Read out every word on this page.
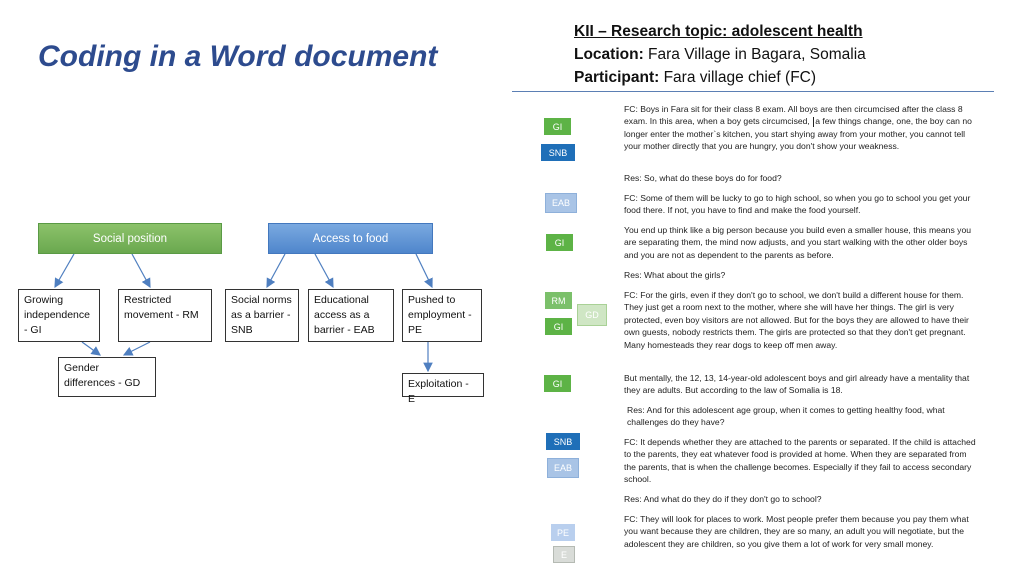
Coding in a Word document
KII – Research topic: adolescent health
Location: Fara Village in Bagara, Somalia
Participant: Fara village chief (FC)
Social position	Access to food
Growing
independence
- GI
Restricted
movement - RM
Social norms
as a barrier -
SNB
Educational
access as a
barrier - EAB
Pushed to
employment -
PE
Gender
differences - GD	Exploitation - E
GI
SNB
EAB
GI
RM
GD
GI
GI
SNB
EAB
PE
E
FC: Boys in Fara sit for their class 8 exam. All boys are then circumcised after the class 8 exam. In this area, when a boy gets circumcised, a few things change, one, the boy can no longer enter the mother`s kitchen, you start shying away from your mother, you cannot tell your mother directly that you are hungry, you don't show your weakness.
Res: So, what do these boys do for food?
FC: Some of them will be lucky to go to high school, so when you go to school you get your food there. If not, you have to find and make the food yourself.
You end up think like a big person because you build even a smaller house, this means you are separating them, the mind now adjusts, and you start walking with the other older boys and you are not as dependent to the parents as before.
Res: What about the girls?
FC: For the girls, even if they don't go to school, we don't build a different house for them. They just get a room next to the mother, where she will have her things. The girl is very protected, even boy visitors are not allowed. But for the boys they are allowed to have their own guests, nobody restricts them. The girls are protected so that they don't get pregnant. Many homesteads they rear dogs to keep off men away.
But mentally, the 12, 13, 14-year-old adolescent boys and girl already have a mentality that they are adults. But according to the law of Somalia is 18.
Res: And for this adolescent age group, when it comes to getting healthy food, what challenges do they have?
FC: It depends whether they are attached to the parents or separated. If the child is attached to the parents, they eat whatever food is provided at home. When they are separated from the parents, that is when the challenge becomes. Especially if they fail to access secondary school.
Res: And what do they do if they don't go to school?
FC: They will look for places to work. Most people prefer them because you pay them what you want because they are children, they are so many, an adult you will negotiate, but the adolescent they are children, so you give them a lot of work for very small money.
